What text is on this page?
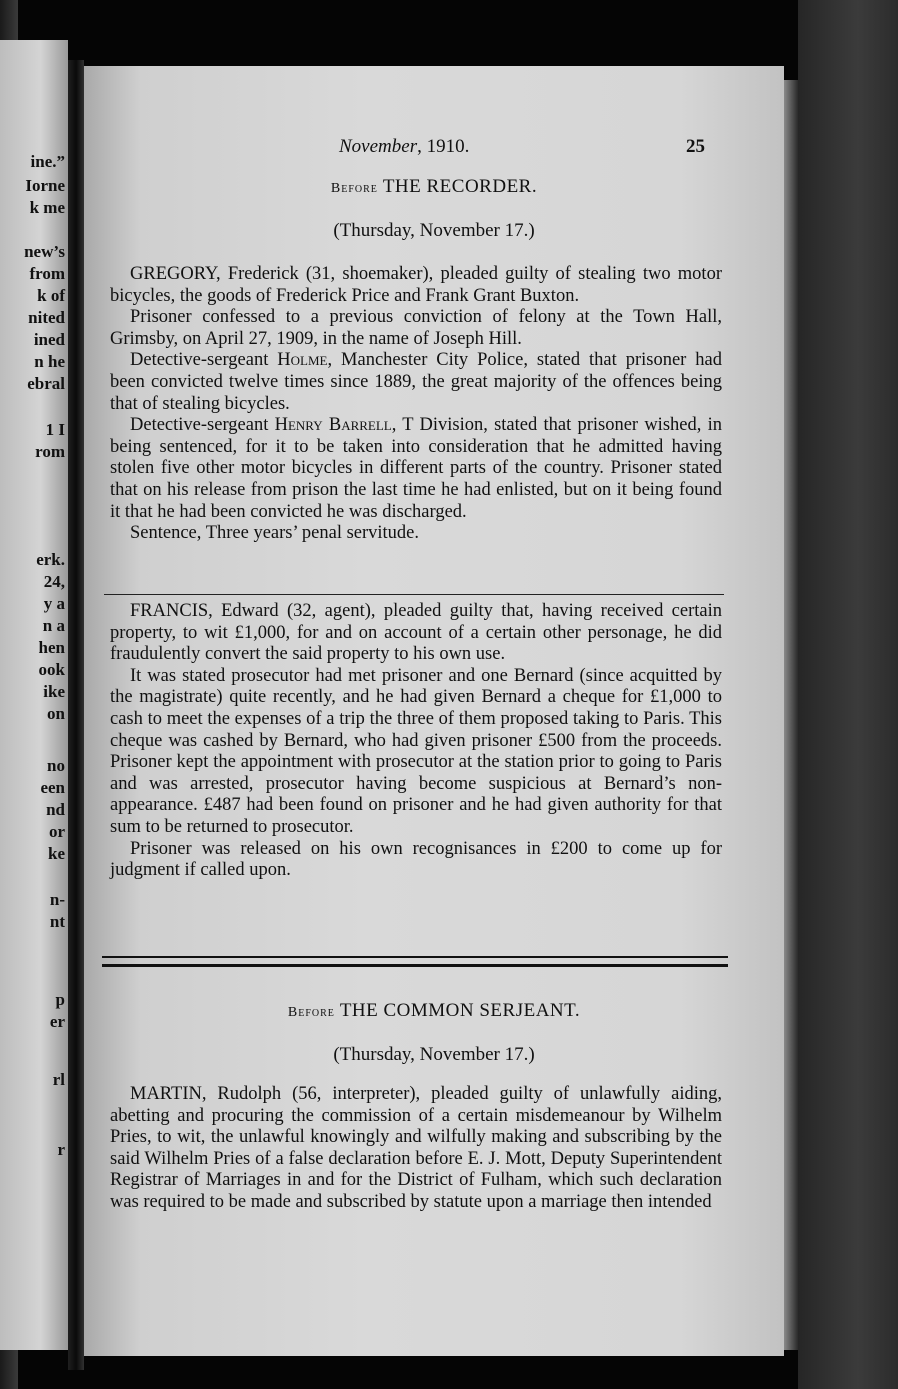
ine.”
Iorne
k me
new’s
from
k of
nited
ined
n he
ebral
1 I
rom
erk.
24,
y a
n a
hen
ook
ike
on
no
een
nd
or
ke
n-
nt
p
er
rl
r
November, 1910.	25
Before THE RECORDER.
(Thursday, November 17.)

GREGORY, Frederick (31, shoemaker), pleaded guilty of stealing two motor bicycles, the goods of Frederick Price and Frank Grant Buxton.

Prisoner confessed to a previous conviction of felony at the Town Hall, Grimsby, on April 27, 1909, in the name of Joseph Hill.

Detective-sergeant Holme, Manchester City Police, stated that prisoner had been convicted twelve times since 1889, the great majority of the offences being that of stealing bicycles.

Detective-sergeant Henry Barrell, T Division, stated that prisoner wished, in being sentenced, for it to be taken into consideration that he admitted having stolen five other motor bicycles in different parts of the country. Prisoner stated that on his release from prison the last time he had enlisted, but on it being found it that he had been convicted he was discharged.

Sentence, Three years’ penal servitude.

FRANCIS, Edward (32, agent), pleaded guilty that, having received certain property, to wit £1,000, for and on account of a certain other personage, he did fraudulently convert the said property to his own use.

It was stated prosecutor had met prisoner and one Bernard (since acquitted by the magistrate) quite recently, and he had given Bernard a cheque for £1,000 to cash to meet the expenses of a trip the three of them proposed taking to Paris. This cheque was cashed by Bernard, who had given prisoner £500 from the proceeds. Prisoner kept the appointment with prosecutor at the station prior to going to Paris and was arrested, prosecutor having become suspicious at Bernard’s non-appearance. £487 had been found on prisoner and he had given authority for that sum to be returned to prosecutor.

Prisoner was released on his own recognisances in £200 to come up for judgment if called upon.

Before THE COMMON SERJEANT.
(Thursday, November 17.)

MARTIN, Rudolph (56, interpreter), pleaded guilty of unlawfully aiding, abetting and procuring the commission of a certain misdemeanour by Wilhelm Pries, to wit, the unlawful knowingly and wilfully making and subscribing by the said Wilhelm Pries of a false declaration before E. J. Mott, Deputy Superintendent Registrar of Marriages in and for the District of Fulham, which such declaration was required to be made and subscribed by statute upon a marriage then intended
